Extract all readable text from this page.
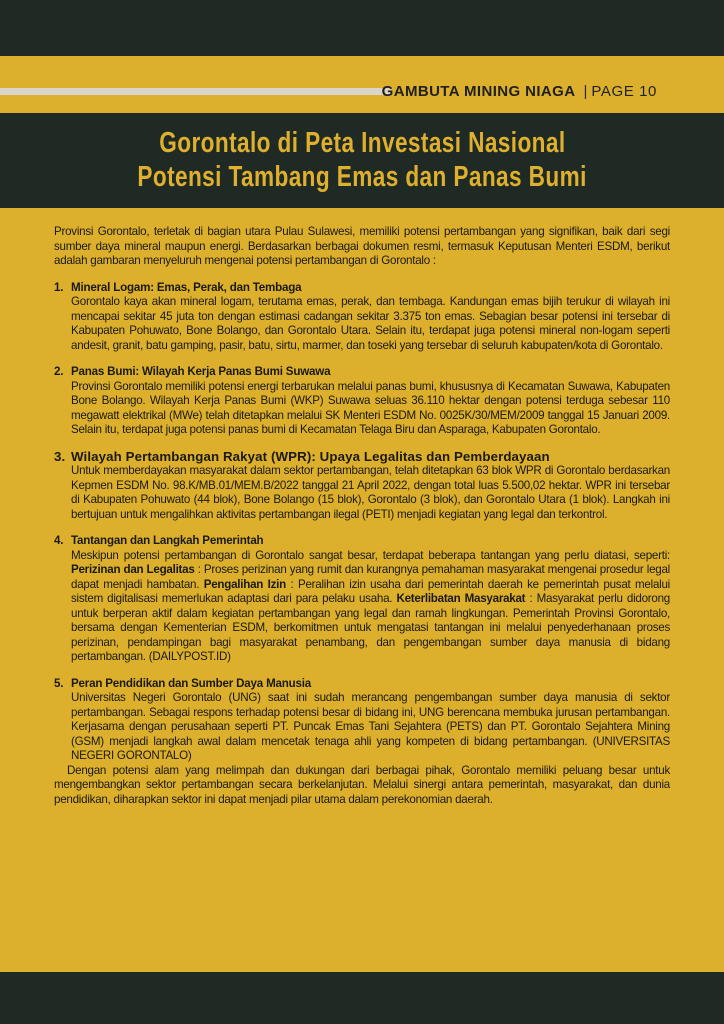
GAMBUTA MINING NIAGA | PAGE 10
Gorontalo di Peta Investasi Nasional
Potensi Tambang Emas dan Panas Bumi

Provinsi Gorontalo, terletak di bagian utara Pulau Sulawesi, memiliki potensi pertambangan yang signifikan, baik dari segi sumber daya mineral maupun energi. Berdasarkan berbagai dokumen resmi, termasuk Keputusan Menteri ESDM, berikut adalah gambaran menyeluruh mengenai potensi pertambangan di Gorontalo :

1. Mineral Logam: Emas, Perak, dan Tembaga

Gorontalo kaya akan mineral logam, terutama emas, perak, dan tembaga. Kandungan emas bijih terukur di wilayah ini mencapai sekitar 45 juta ton dengan estimasi cadangan sekitar 3.375 ton emas. Sebagian besar potensi ini tersebar di Kabupaten Pohuwato, Bone Bolango, dan Gorontalo Utara. Selain itu, terdapat juga potensi mineral non-logam seperti andesit, granit, batu gamping, pasir, batu, sirtu, marmer, dan toseki yang tersebar di seluruh kabupaten/kota di Gorontalo.

2. Panas Bumi: Wilayah Kerja Panas Bumi Suwawa

Provinsi Gorontalo memiliki potensi energi terbarukan melalui panas bumi, khususnya di Kecamatan Suwawa, Kabupaten Bone Bolango. Wilayah Kerja Panas Bumi (WKP) Suwawa seluas 36.110 hektar dengan potensi terduga sebesar 110 megawatt elektrikal (MWe) telah ditetapkan melalui SK Menteri ESDM No. 0025K/30/MEM/2009 tanggal 15 Januari 2009. Selain itu, terdapat juga potensi panas bumi di Kecamatan Telaga Biru dan Asparaga, Kabupaten Gorontalo.

3. Wilayah Pertambangan Rakyat (WPR): Upaya Legalitas dan Pemberdayaan

Untuk memberdayakan masyarakat dalam sektor pertambangan, telah ditetapkan 63 blok WPR di Gorontalo berdasarkan Kepmen ESDM No. 98.K/MB.01/MEM.B/2022 tanggal 21 April 2022, dengan total luas 5.500,02 hektar. WPR ini tersebar di Kabupaten Pohuwato (44 blok), Bone Bolango (15 blok), Gorontalo (3 blok), dan Gorontalo Utara (1 blok). Langkah ini bertujuan untuk mengalihkan aktivitas pertambangan ilegal (PETI) menjadi kegiatan yang legal dan terkontrol.

4. Tantangan dan Langkah Pemerintah

Meskipun potensi pertambangan di Gorontalo sangat besar, terdapat beberapa tantangan yang perlu diatasi, seperti: Perizinan dan Legalitas : Proses perizinan yang rumit dan kurangnya pemahaman masyarakat mengenai prosedur legal dapat menjadi hambatan. Pengalihan Izin : Peralihan izin usaha dari pemerintah daerah ke pemerintah pusat melalui sistem digitalisasi memerlukan adaptasi dari para pelaku usaha. Keterlibatan Masyarakat : Masyarakat perlu didorong untuk berperan aktif dalam kegiatan pertambangan yang legal dan ramah lingkungan. Pemerintah Provinsi Gorontalo, bersama dengan Kementerian ESDM, berkomitmen untuk mengatasi tantangan ini melalui penyederhanaan proses perizinan, pendampingan bagi masyarakat penambang, dan pengembangan sumber daya manusia di bidang pertambangan. (DAILYPOST.ID)

5. Peran Pendidikan dan Sumber Daya Manusia

Universitas Negeri Gorontalo (UNG) saat ini sudah merancang pengembangan sumber daya manusia di sektor pertambangan. Sebagai respons terhadap potensi besar di bidang ini, UNG berencana membuka jurusan pertambangan. Kerjasama dengan perusahaan seperti PT. Puncak Emas Tani Sejahtera (PETS) dan PT. Gorontalo Sejahtera Mining (GSM) menjadi langkah awal dalam mencetak tenaga ahli yang kompeten di bidang pertambangan. (UNIVERSITAS NEGERI GORONTALO)

Dengan potensi alam yang melimpah dan dukungan dari berbagai pihak, Gorontalo memiliki peluang besar untuk mengembangkan sektor pertambangan secara berkelanjutan. Melalui sinergi antara pemerintah, masyarakat, dan dunia pendidikan, diharapkan sektor ini dapat menjadi pilar utama dalam perekonomian daerah.
